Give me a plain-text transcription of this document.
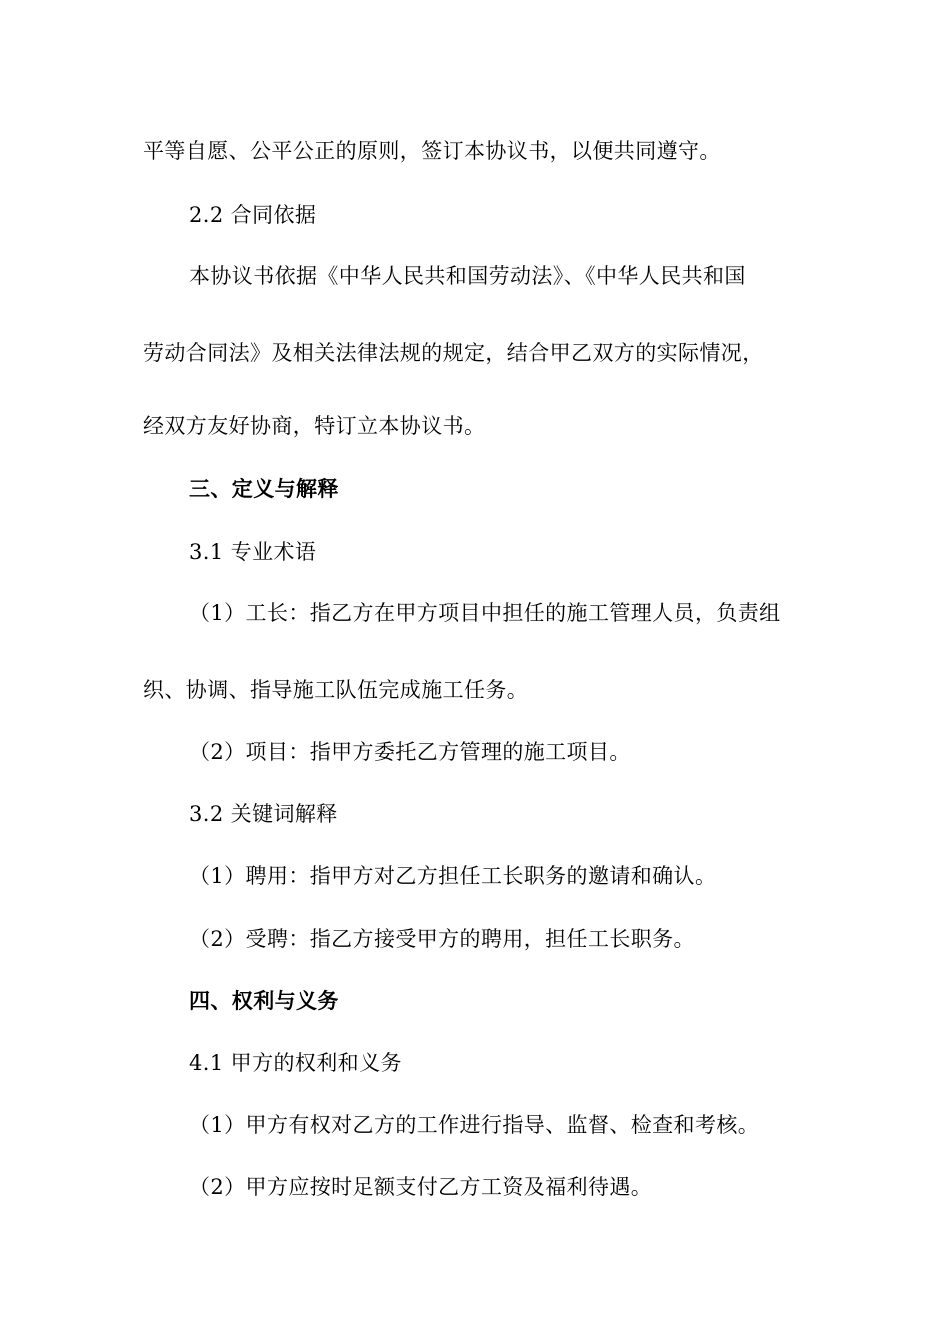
平等自愿、公平公正的原则，签订本协议书，以便共同遵守。
2.2 合同依据
本协议书依据《中华人民共和国劳动法》、《中华人民共和国
劳动合同法》及相关法律法规的规定，结合甲乙双方的实际情况，
经双方友好协商，特订立本协议书。
三、定义与解释
3.1 专业术语
（1）工长：指乙方在甲方项目中担任的施工管理人员，负责组
织、协调、指导施工队伍完成施工任务。
（2）项目：指甲方委托乙方管理的施工项目。
3.2 关键词解释
（1）聘用：指甲方对乙方担任工长职务的邀请和确认。
（2）受聘：指乙方接受甲方的聘用，担任工长职务。
四、权利与义务
4.1 甲方的权利和义务
（1）甲方有权对乙方的工作进行指导、监督、检查和考核。
（2）甲方应按时足额支付乙方工资及福利待遇。
